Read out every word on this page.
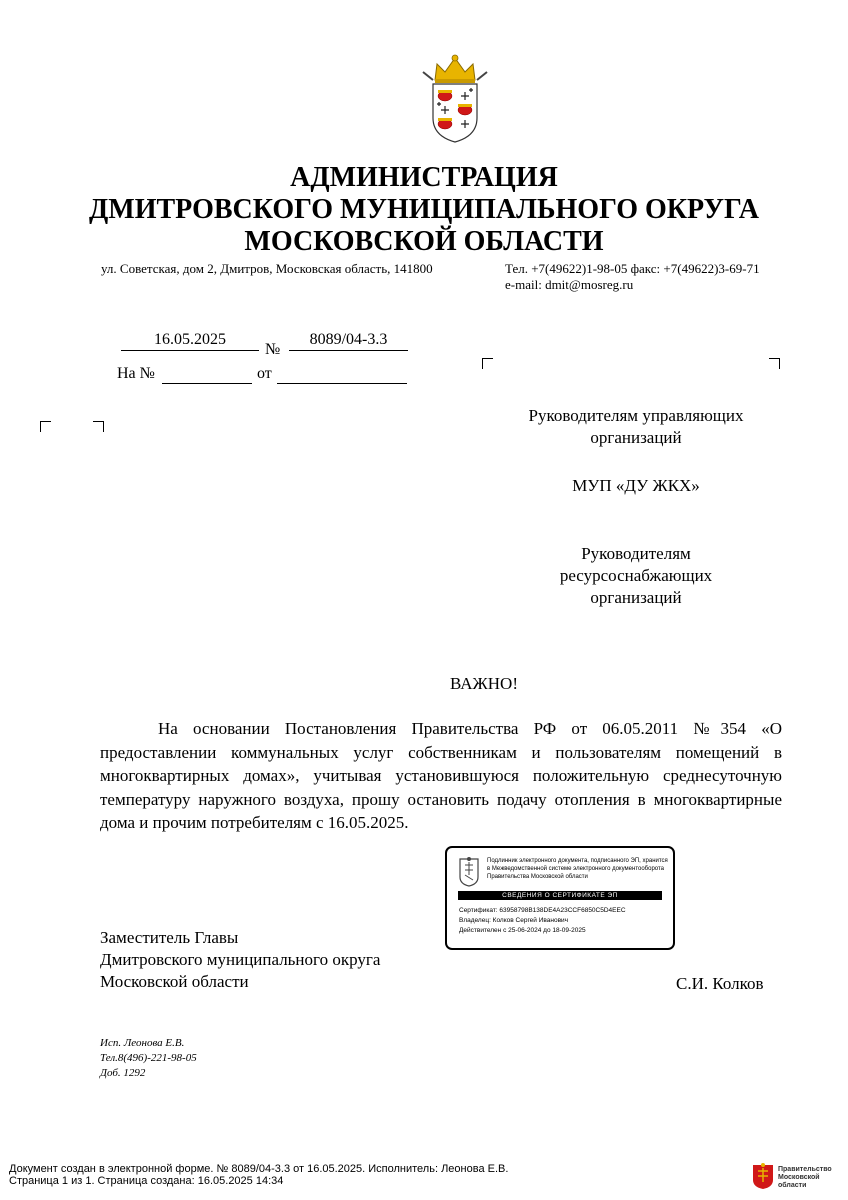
АДМИНИСТРАЦИЯ
ДМИТРОВСКОГО МУНИЦИПАЛЬНОГО ОКРУГА
МОСКОВСКОЙ ОБЛАСТИ
ул. Советская, дом 2, Дмитров, Московская область, 141800	Тел. +7(49622)1-98-05 факс: +7(49622)3-69-71
e-mail: dmit@mosreg.ru
16.05.2025
№
8089/04-3.3
На №	от
Руководителям управляющих организаций
МУП «ДУ ЖКХ»
Руководителям ресурсоснабжающих организаций
ВАЖНО!
На основании Постановления Правительства РФ от 06.05.2011 №354 «О предоставлении коммунальных услуг собственникам и пользователям помещений в многоквартирных домах», учитывая установившуюся положительную среднесуточную температуру наружного воздуха, прошу остановить подачу отопления в многоквартирные дома и прочим потребителям с 16.05.2025.
Подлинник электронного документа, подписанного ЭП, хранится в Межведомственной системе электронного документооборота Правительства Московской области
СВЕДЕНИЯ О СЕРТИФИКАТЕ ЭП
Сертификат: 63958798B138DE4A23CCF6850C5D4EEC
Владелец: Колков Сергей Иванович
Действителен с 25-06-2024 до 18-09-2025
Заместитель Главы
Дмитровского муниципального округа
Московской области	С.И. Колков
Исп. Леонова Е.В.
Тел.8(496)-221-98-05
Доб. 1292
Документ создан в электронной форме. № 8089/04-3.3 от 16.05.2025. Исполнитель: Леонова Е.В.
Страница 1 из 1. Страница создана: 16.05.2025 14:34
Правительство
Московской области
